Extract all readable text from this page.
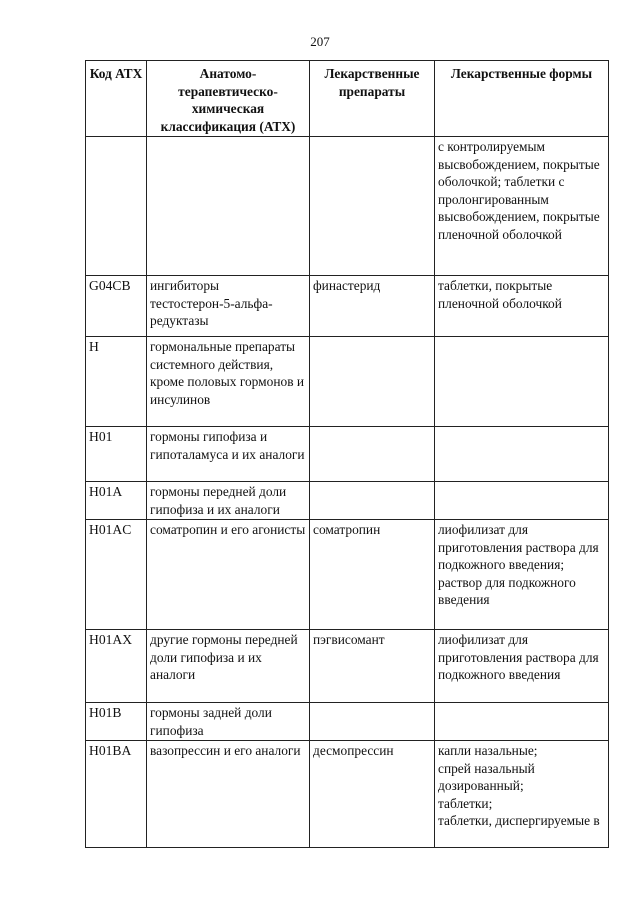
207
Код АТХ	Анатомо-терапевтическо-химическая классификация (АТХ)	Лекарственные препараты	Лекарственные формы
			с контролируемым высвобождением, покрытые оболочкой; таблетки с пролонгированным высвобождением, покрытые пленочной оболочкой
G04CB	ингибиторы тестостерон-5-альфа-редуктазы	финастерид	таблетки, покрытые пленочной оболочкой
H	гормональные препараты системного действия, кроме половых гормонов и инсулинов		
H01	гормоны гипофиза и гипоталамуса и их аналоги		
H01A	гормоны передней доли гипофиза и их аналоги		
H01AC	соматропин и его агонисты	соматропин	лиофилизат для приготовления раствора для подкожного введения;
раствор для подкожного введения
H01AX	другие гормоны передней доли гипофиза и их аналоги	пэгвисомант	лиофилизат для приготовления раствора для подкожного введения
H01B	гормоны задней доли гипофиза		
H01BA	вазопрессин и его аналоги	десмопрессин	капли назальные;
спрей назальный дозированный;
таблетки;
таблетки, диспергируемые в
